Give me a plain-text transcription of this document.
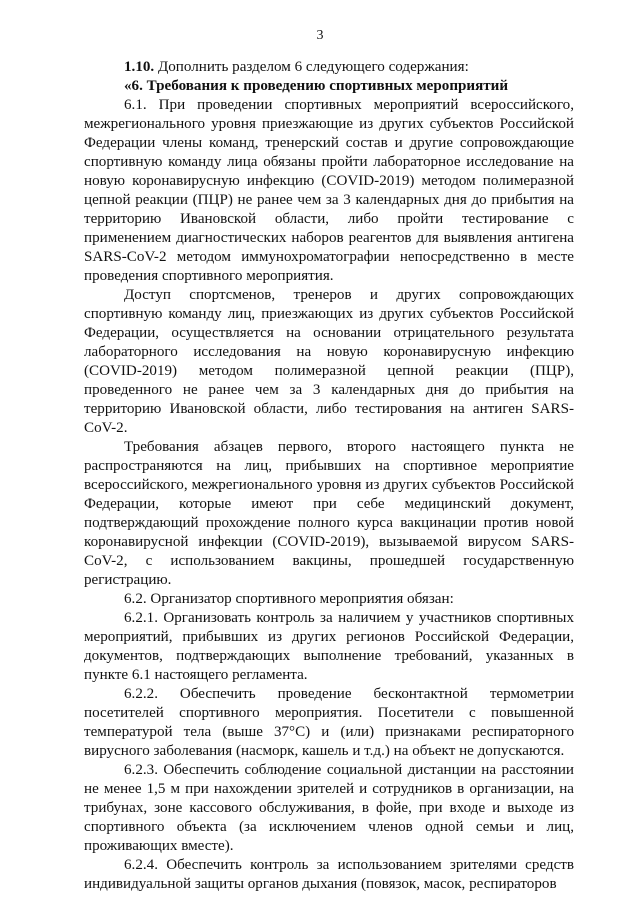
3

1.10. Дополнить разделом 6 следующего содержания:

«6. Требования к проведению спортивных мероприятий

6.1. При проведении спортивных мероприятий всероссийского, межрегионального уровня приезжающие из других субъектов Российской Федерации члены команд, тренерский состав и другие сопровождающие спортивную команду лица обязаны пройти лабораторное исследование на новую коронавирусную инфекцию (COVID-2019) методом полимеразной цепной реакции (ПЦР) не ранее чем за 3 календарных дня до прибытия на территорию Ивановской области, либо пройти тестирование с применением диагностических наборов реагентов для выявления антигена SARS-CoV-2 методом иммунохроматографии непосредственно в месте проведения спортивного мероприятия.

Доступ спортсменов, тренеров и других сопровождающих спортивную команду лиц, приезжающих из других субъектов Российской Федерации, осуществляется на основании отрицательного результата лабораторного исследования на новую коронавирусную инфекцию (COVID-2019) методом полимеразной цепной реакции (ПЦР), проведенного не ранее чем за 3 календарных дня до прибытия на территорию Ивановской области, либо тестирования на антиген SARS-CoV-2.

Требования абзацев первого, второго настоящего пункта не распространяются на лиц, прибывших на спортивное мероприятие всероссийского, межрегионального уровня из других субъектов Российской Федерации, которые имеют при себе медицинский документ, подтверждающий прохождение полного курса вакцинации против новой коронавирусной инфекции (COVID-2019), вызываемой вирусом SARS-CoV-2, с использованием вакцины, прошедшей государственную регистрацию.

6.2. Организатор спортивного мероприятия обязан:

6.2.1. Организовать контроль за наличием у участников спортивных мероприятий, прибывших из других регионов Российской Федерации, документов, подтверждающих выполнение требований, указанных в пункте 6.1 настоящего регламента.

6.2.2. Обеспечить проведение бесконтактной термометрии посетителей спортивного мероприятия. Посетители с повышенной температурой тела (выше 37°С) и (или) признаками респираторного вирусного заболевания (насморк, кашель и т.д.) на объект не допускаются.

6.2.3. Обеспечить соблюдение социальной дистанции на расстоянии не менее 1,5 м при нахождении зрителей и сотрудников в организации, на трибунах, зоне кассового обслуживания, в фойе, при входе и выходе из спортивного объекта (за исключением членов одной семьи и лиц, проживающих вместе).

6.2.4. Обеспечить контроль за использованием зрителями средств индивидуальной защиты органов дыхания (повязок, масок, респираторов
